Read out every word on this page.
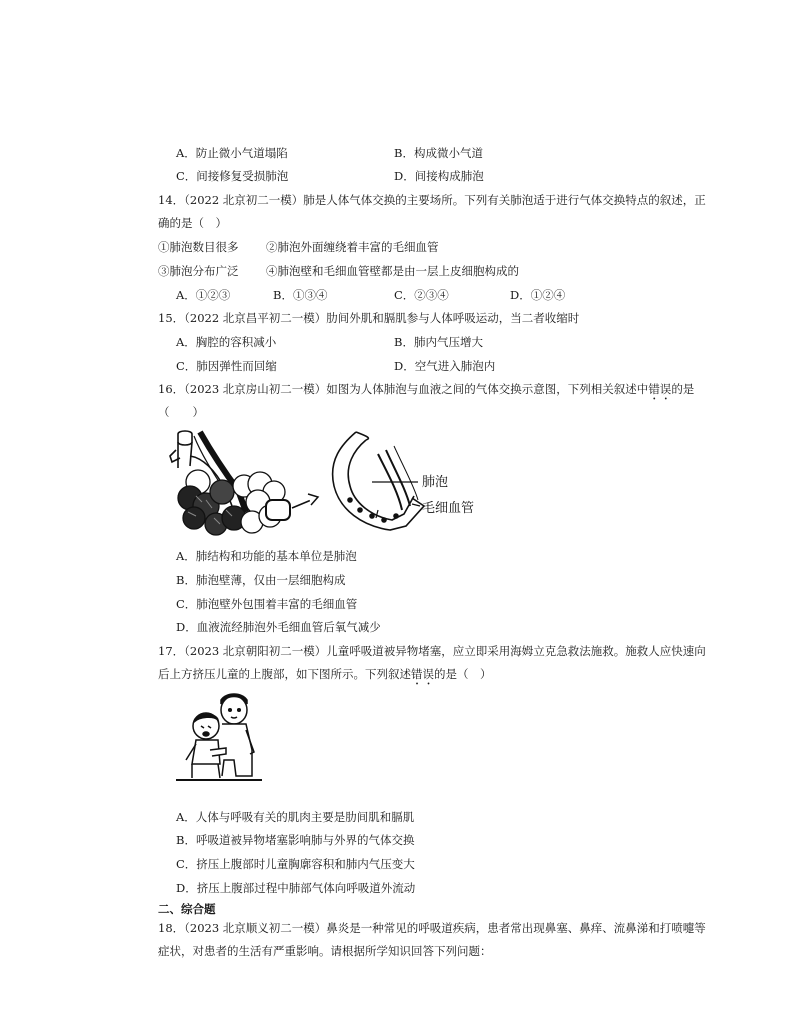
A．防止微小气道塌陷	B．构成微小气道
C．间接修复受损肺泡	D．间接构成肺泡
14．（2022 北京初二一模）肺是人体气体交换的主要场所。下列有关肺泡适于进行气体交换特点的叙述，正
确的是（　）
①肺泡数目很多 ②肺泡外面缠绕着丰富的毛细血管
③肺泡分布广泛 ④肺泡壁和毛细血管壁都是由一层上皮细胞构成的
A．①②③	B．①③④	C．②③④	D．①②④
15．（2022 北京昌平初二一模）肋间外肌和膈肌参与人体呼吸运动，当二者收缩时
A．胸腔的容积减小	B．肺内气压增大
C．肺因弹性而回缩	D．空气进入肺泡内
16．（2023 北京房山初二一模）如图为人体肺泡与血液之间的气体交换示意图，下列相关叙述中错误的是
（　　）
肺泡
毛细血管
A．肺结构和功能的基本单位是肺泡
B．肺泡壁薄，仅由一层细胞构成
C．肺泡壁外包围着丰富的毛细血管
D．血液流经肺泡外毛细血管后氧气减少
17．（2023 北京朝阳初二一模）儿童呼吸道被异物堵塞，应立即采用海姆立克急救法施救。施救人应快速向
后上方挤压儿童的上腹部，如下图所示。下列叙述错误的是（　）
A．人体与呼吸有关的肌肉主要是肋间肌和膈肌
B．呼吸道被异物堵塞影响肺与外界的气体交换
C．挤压上腹部时儿童胸廓容积和肺内气压变大
D．挤压上腹部过程中肺部气体向呼吸道外流动
二、综合题
18．（2023 北京顺义初二一模）鼻炎是一种常见的呼吸道疾病，患者常出现鼻塞、鼻痒、流鼻涕和打喷嚏等
症状，对患者的生活有严重影响。请根据所学知识回答下列问题：
